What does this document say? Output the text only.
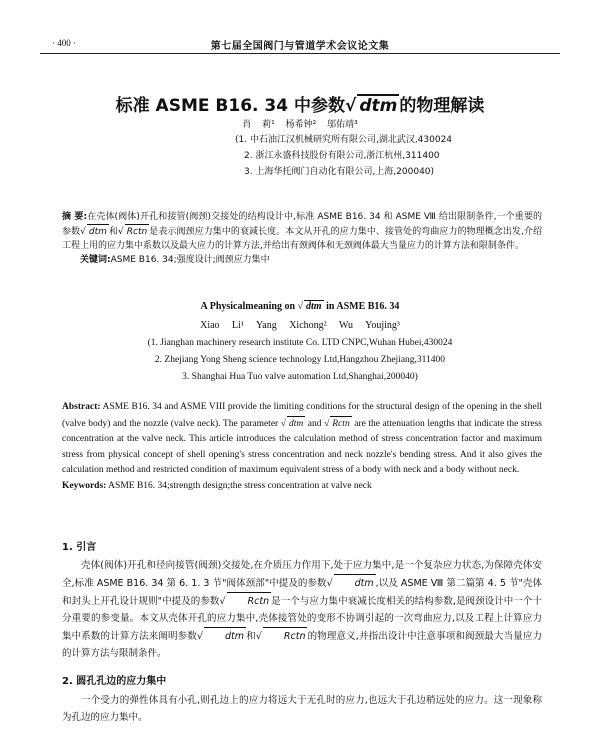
· 400 ·	第七届全国阀门与管道学术会议论文集
标准 ASME B16. 34 中参数√ dtm 的物理解读
肖 莉¹ 杨希钟² 邬佑靖³
(1. 中石油江汉机械研究所有限公司,湖北武汉,430024
2. 浙江永盛科技股份有限公司,浙江杭州,311400
3. 上海华托阀门自动化有限公司,上海,200040)
摘 要:在壳体(阀体)开孔和接管(阀颈)交接处的结构设计中,标准 ASME B16. 34 和 ASME Ⅷ 给出限制条件,一个重要的参数√ dtm 和√ Rctn 是表示阀颈应力集中的衰减长度。本文从开孔的应力集中、接管处的弯曲应力的物理概念出发,介绍工程上用的应力集中系数以及最大应力的计算方法,并给出有颈阀体和无颈阀体最大当量应力的计算方法和限制条件。
关键词:ASME B16. 34;强度设计;阀颈应力集中
A Physicalmeaning on √ dtm in ASME B16. 34
Xiao Li¹ Yang Xichong² Wu Youjing³
(1. Jianghan machinery research institute Co. LTD CNPC,Wuhan Hubei,430024
2. Zhejiang Yong Sheng science technology Ltd,Hangzhou Zhejiang,311400
3. Shanghai Hua Tuo valve automation Ltd,Shanghai,200040)
Abstract: ASME B16. 34 and ASME VIII provide the limiting conditions for the structural design of the opening in the shell (valve body) and the nozzle (valve neck). The parameter √ dtm and √ Rctn are the attenuation lengths that indicate the stress concentration at the valve neck. This article introduces the calculation method of stress concentration factor and maximum stress from physical concept of shell opening's stress concentration and neck nozzle's bending stress. And it also gives the calculation method and restricted condition of maximum equivalent stress of a body with neck and a body without neck.
Keywords: ASME B16. 34;strength design;the stress concentration at valve neck
1. 引言
壳体(阀体)开孔和径向接管(阀颈)交接处,在介质压力作用下,处于应力集中,是一个复杂应力状态,为保障壳体安全,标准 ASME B16. 34 第 6. 1. 3 节"阀体颈部"中提及的参数√ dtm ,以及 ASME Ⅷ 第二篇第 4. 5 节"壳体和封头上开孔设计规则"中提及的参数√ Rctn 是一个与应力集中衰减长度相关的结构参数,是阀颈设计中一个十分重要的参变量。本文从壳体开孔的应力集中,壳体接管处的变形不协调引起的一次弯曲应力,以及工程上计算应力集中系数的计算方法来阐明参数√ dtm 和√ Rctn 的物理意义,并指出设计中注意事项和阀颈最大当量应力的计算方法与限制条件。
2. 圆孔孔边的应力集中
一个受力的弹性体具有小孔,则孔边上的应力将远大于无孔时的应力,也远大于孔边稍远处的应力。这一现象称为孔边的应力集中。
